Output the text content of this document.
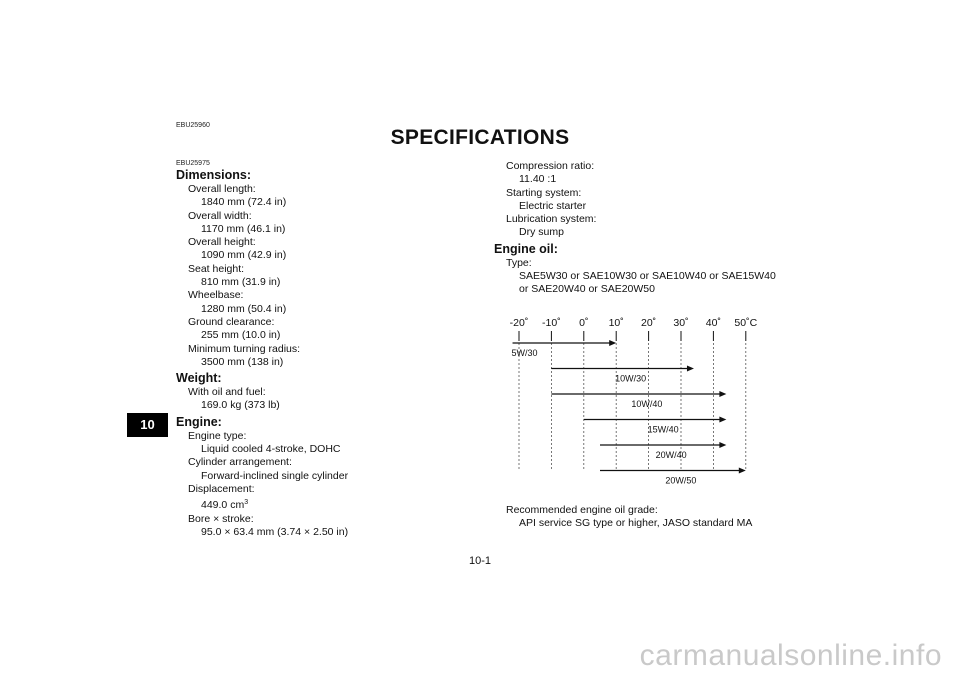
EBU25960
SPECIFICATIONS
10
EBU25975
Dimensions:
Overall length:
1840 mm (72.4 in)
Overall width:
1170 mm (46.1 in)
Overall height:
1090 mm (42.9 in)
Seat height:
810 mm (31.9 in)
Wheelbase:
1280 mm (50.4 in)
Ground clearance:
255 mm (10.0 in)
Minimum turning radius:
3500 mm (138 in)
Weight:
With oil and fuel:
169.0 kg (373 lb)
Engine:
Engine type:
Liquid cooled 4-stroke, DOHC
Cylinder arrangement:
Forward-inclined single cylinder
Displacement:
449.0 $cm^3$
Bore × stroke:
95.0 × 63.4 mm (3.74 × 2.50 in)
Compression ratio:
11.40 :1
Starting system:
Electric starter
Lubrication system:
Dry sump
Engine oil:
Type:
SAE5W30 or SAE10W30 or SAE10W40 or SAE15W40
or SAE20W40 or SAE20W50
-20˚ -10˚ 0˚ 10˚ 20˚ 30˚ 40˚ 50˚C
5W/30
10W/30
10W/40
15W/40
20W/40
20W/50
Recommended engine oil grade:
API service SG type or higher, JASO standard MA
10-1
carmanualsonline.info
